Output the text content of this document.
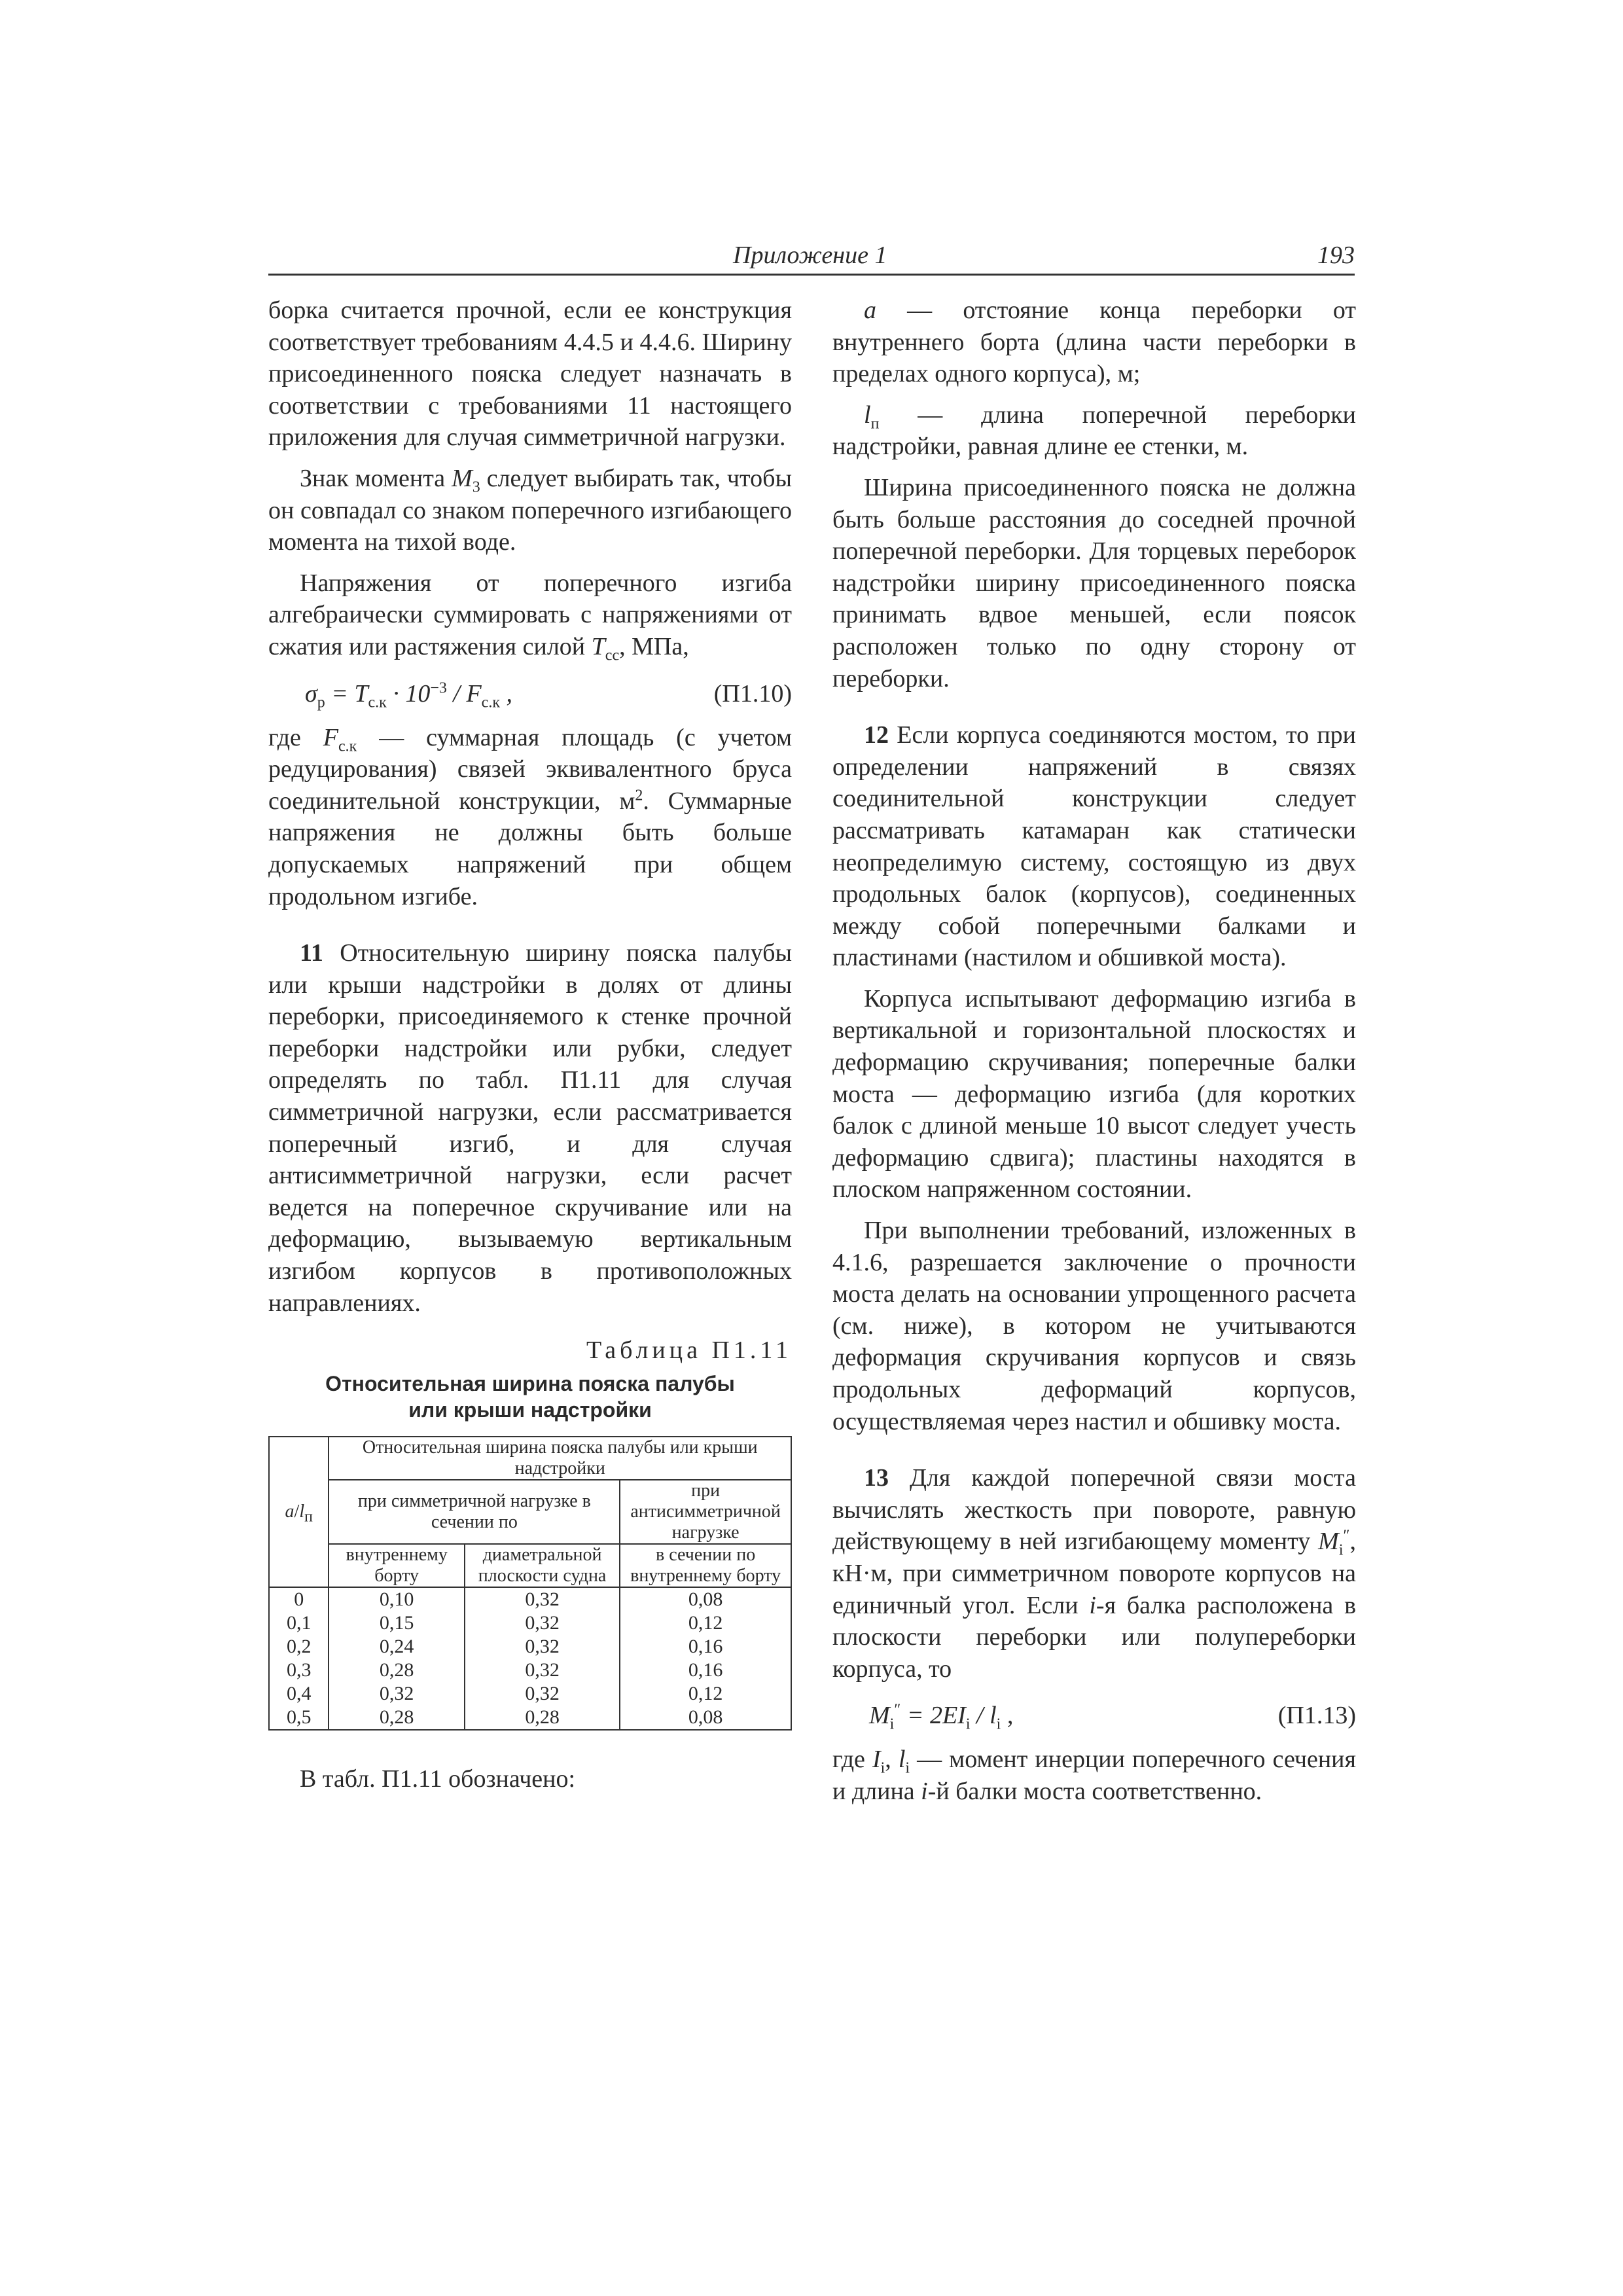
Приложение 1	193

борка считается прочной, если ее конструкция соответствует требованиям 4.4.5 и 4.4.6. Ширину присоединенного пояска следует назначать в соответствии с требованиями 11 настоящего приложения для случая симметричной нагрузки.

Знак момента $M_3$ следует выбирать так, чтобы он совпадал со знаком поперечного изгибающего момента на тихой воде.

Напряжения от поперечного изгиба алгебраически суммировать с напряжениями от сжатия или растяжения силой $T_{cc}$, МПа,

$\sigma_р = T_{с.к} \cdot 10^{-3} / F_{с.к}$ ,	(П1.10)

где $F_{с.к}$ — суммарная площадь (с учетом редуцирования) связей эквивалентного бруса соединительной конструкции, $м^2$. Суммарные напряжения не должны быть больше допускаемых напряжений при общем продольном изгибе.

11 Относительную ширину пояска палубы или крыши надстройки в долях от длины переборки, присоединяемого к стенке прочной переборки надстройки или рубки, следует определять по табл. П1.11 для случая симметричной нагрузки, если рассматривается поперечный изгиб, и для случая антисимметричной нагрузки, если расчет ведется на поперечное скручивание или на деформацию, вызываемую вертикальным изгибом корпусов в противоположных направлениях.

Таблица П1.11
Относительная ширина пояска палубы
или крыши надстройки
$a/l_п$	Относительная ширина пояска палубы или крыши надстройки		
	при симметричной нагрузке в сечении по		при антисимметричной нагрузке
	внутреннему борту	диаметральной плоскости судна	в сечении по внутреннему борту
0	0,10	0,32	0,08
0,1	0,15	0,32	0,12
0,2	0,24	0,32	0,16
0,3	0,28	0,32	0,16
0,4	0,32	0,32	0,12
0,5	0,28	0,28	0,08

В табл. П1.11 обозначено:

a — отстояние конца переборки от внутреннего борта (длина части переборки в пределах одного корпуса), м;

$l_п$ — длина поперечной переборки надстройки, равная длине ее стенки, м.

Ширина присоединенного пояска не должна быть больше расстояния до соседней прочной поперечной переборки. Для торцевых переборок надстройки ширину присоединенного пояска принимать вдвое меньшей, если поясок расположен только по одну сторону от переборки.

12 Если корпуса соединяются мостом, то при определении напряжений в связях соединительной конструкции следует рассматривать катамаран как статически неопределимую систему, состоящую из двух продольных балок (корпусов), соединенных между собой поперечными балками и пластинами (настилом и обшивкой моста).

Корпуса испытывают деформацию изгиба в вертикальной и горизонтальной плоскостях и деформацию скручивания; поперечные балки моста — деформацию изгиба (для коротких балок с длиной меньше 10 высот следует учесть деформацию сдвига); пластины находятся в плоском напряженном состоянии.

При выполнении требований, изложенных в 4.1.6, разрешается заключение о прочности моста делать на основании упрощенного расчета (см. ниже), в котором не учитываются деформация скручивания корпусов и связь продольных деформаций корпусов, осуществляемая через настил и обшивку моста.

13 Для каждой поперечной связи моста вычислять жесткость при повороте, равную действующему в ней изгибающему моменту $M_i''$, кН·м, при симметричном повороте корпусов на единичный угол. Если i-я балка расположена в плоскости переборки или полупереборки корпуса, то

$M_i'' = 2EI_i / l_i$ ,	(П1.13)

где $I_i$, $l_i$ — момент инерции поперечного сечения и длина i-й балки моста соответственно.
